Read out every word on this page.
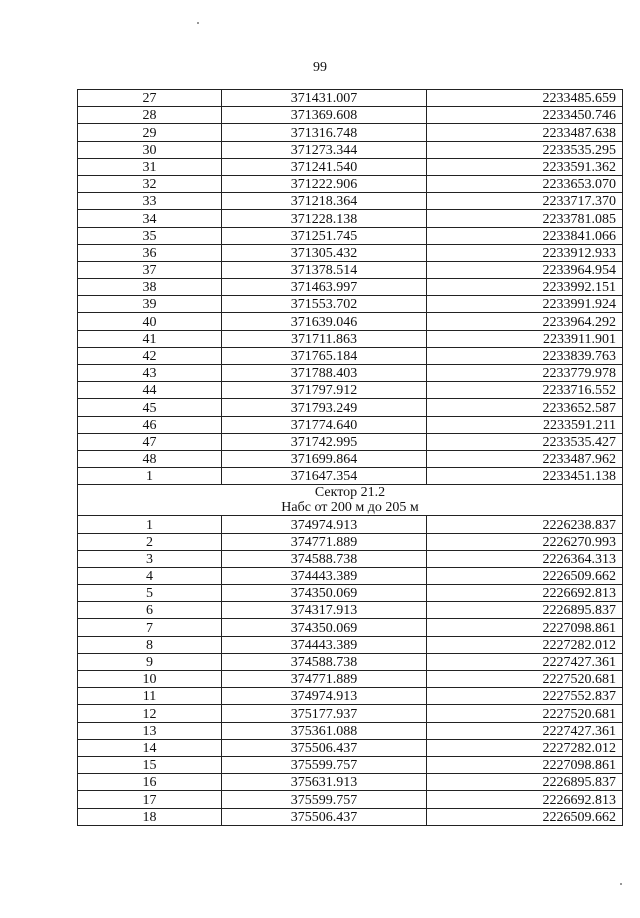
99
27	371431.007	2233485.659
28	371369.608	2233450.746
29	371316.748	2233487.638
30	371273.344	2233535.295
31	371241.540	2233591.362
32	371222.906	2233653.070
33	371218.364	2233717.370
34	371228.138	2233781.085
35	371251.745	2233841.066
36	371305.432	2233912.933
37	371378.514	2233964.954
38	371463.997	2233992.151
39	371553.702	2233991.924
40	371639.046	2233964.292
41	371711.863	2233911.901
42	371765.184	2233839.763
43	371788.403	2233779.978
44	371797.912	2233716.552
45	371793.249	2233652.587
46	371774.640	2233591.211
47	371742.995	2233535.427
48	371699.864	2233487.962
1	371647.354	2233451.138

Сектор 21.2
Набс от 200 м до 205 м		

1	374974.913	2226238.837
2	374771.889	2226270.993
3	374588.738	2226364.313
4	374443.389	2226509.662
5	374350.069	2226692.813
6	374317.913	2226895.837
7	374350.069	2227098.861
8	374443.389	2227282.012
9	374588.738	2227427.361
10	374771.889	2227520.681
11	374974.913	2227552.837
12	375177.937	2227520.681
13	375361.088	2227427.361
14	375506.437	2227282.012
15	375599.757	2227098.861
16	375631.913	2226895.837
17	375599.757	2226692.813
18	375506.437	2226509.662
